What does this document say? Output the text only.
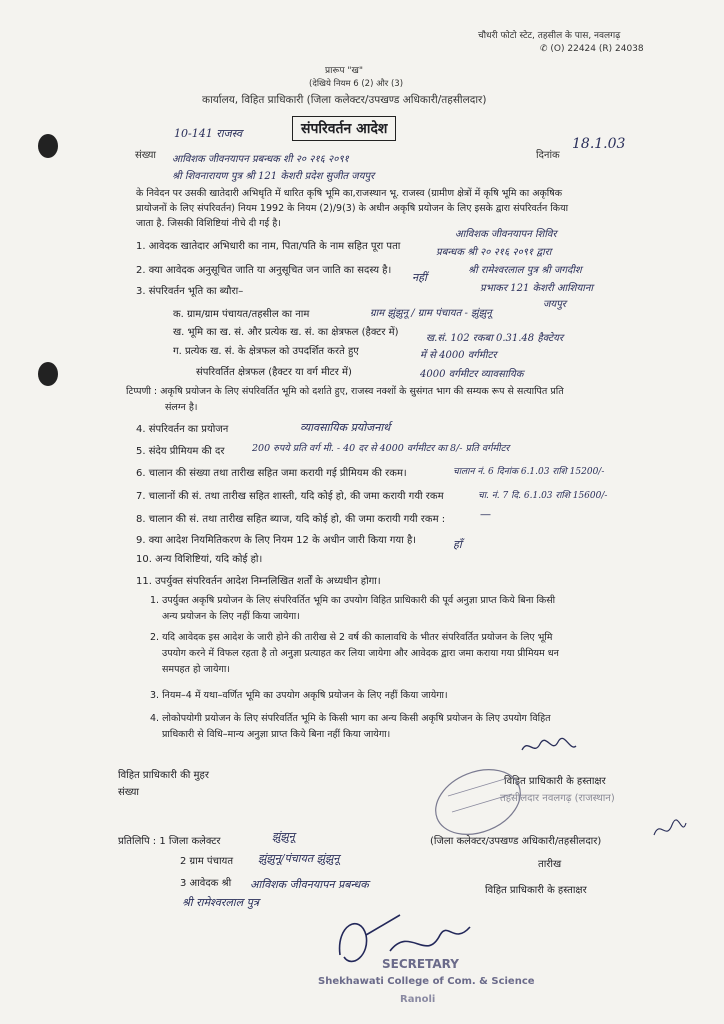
चौधरी फोटो स्टेट, तहसील के पास, नवलगढ़
✆ (O) 22424 (R) 24038
प्रारूप "ख"
(देखिये नियम 6 (2) और (3)
कार्यालय, विहित प्राधिकारी (जिला कलेक्टर/उपखण्ड अधिकारी/तहसीलदार)
10-141 राजस्व	संपरिवर्तन आदेश
संख्या आविशक जीवनयापन प्रबन्धक शी २० २१६ २०९१	दिनांक
18.1.03
श्री शिवनारायण पुत्र श्री 121 केशरी प्रदेश सुजीत जयपुर
के निवेदन पर उसकी खातेदारी अभिधृति में धारित कृषि भूमि का,राजस्थान भू. राजस्व (ग्रामीण क्षेत्रों में कृषि भूमि का अकृषिक
प्रायोजनों के लिए संपरिवर्तन) नियम 1992 के नियम (2)/9(3) के अधीन अकृषि प्रयोजन के लिए इसके द्वारा संपरिवर्तन किया
जाता है. जिसकी विशिष्टियां नीचे दी गई है।
1. आवेदक खातेदार अभिधारी का नाम, पिता/पति के नाम सहित पूरा पता
आविशक जीवनयापन शिविर
प्रबन्धक श्री २० २१६ २०९१ द्वारा
श्री रामेश्वरलाल पुत्र श्री जगदीश
प्रभाकर 121 केशरी आशियाना
जयपुर
2. क्या आवेदक अनुसूचित जाति या अनुसूचित जन जाति का सदस्य है।
नहीं
3. संपरिवर्तन भूति का ब्यौरा–
क. ग्राम/ग्राम पंचायत/तहसील का नाम	ग्राम झुंझुनू / ग्राम पंचायत - झुंझुनू
ख. भूमि का ख. सं. और प्रत्येक ख. सं. का क्षेत्रफल (हैक्टर में)
ख.सं. 102 रकबा 0.31.48 हैक्टेयर
ग. प्रत्येक ख. सं. के क्षेत्रफल को उपदर्शित करते हुए	में से 4000 वर्गमीटर
संपरिवर्तित क्षेत्रफल (हैक्टर या वर्ग मीटर में)	4000 वर्गमीटर व्यावसायिक
टिप्पणी : अकृषि प्रयोजन के लिए संपरिवर्तित भूमि को दर्शाते हुए, राजस्व नक्शों के सुसंगत भाग की सम्यक रूप से सत्यापित प्रति
संलग्न है।
4. संपरिवर्तन का प्रयोजन	व्यावसायिक प्रयोजनार्थ
5. संदेय प्रीमियम की दर	200 रुपये प्रति वर्ग मी. - 40 दर से 4000 वर्गमीटर का 8/- प्रति वर्गमीटर
6. चालान की संख्या तथा तारीख सहित जमा करायी गई प्रीमियम की रकम।	चालान नं. 6 दिनांक 6.1.03 राशि 15200/-
7. चालानों की सं. तथा तारीख सहित शास्ती, यदि कोई हो, की जमा करायी गयी रकम	चा. नं. 7 दि. 6.1.03 राशि 15600/-
8. चालान की सं. तथा तारीख सहित ब्याज, यदि कोई हो, की जमा करायी गयी रकम :	—
9. क्या आदेश नियमितिकरण के लिए नियम 12 के अधीन जारी किया गया है।	हाँ
10. अन्य विशिष्टियां, यदि कोई हो।
11. उपर्युक्त संपरिवर्तन आदेश निम्नलिखित शर्तों के अध्यधीन होगा।
1. उपर्युक्त अकृषि प्रयोजन के लिए संपरिवर्तित भूमि का उपयोग विहित प्राधिकारी की पूर्व अनुज्ञा प्राप्त किये बिना किसी
अन्य प्रयोजन के लिए नहीं किया जायेगा।
2. यदि आवेदक इस आदेश के जारी होने की तारीख से 2 वर्ष की कालावधि के भीतर संपरिवर्तित प्रयोजन के लिए भूमि
उपयोग करने में विफल रहता है तो अनुज्ञा प्रत्याहत कर लिया जायेगा और आवेदक द्वारा जमा कराया गया प्रीमियम धन
समपहत हो जायेगा।
3. नियम–4 में यथा–वर्णित भूमि का उपयोग अकृषि प्रयोजन के लिए नहीं किया जायेगा।
4. लोकोपयोगी प्रयोजन के लिए संपरिवर्तित भूमि के किसी भाग का अन्य किसी अकृषि प्रयोजन के लिए उपयोग विहित
प्राधिकारी से विधि–मान्य अनुज्ञा प्राप्त किये बिना नहीं किया जायेगा।
विहित प्राधिकारी की मुहर
संख्या
विहित प्राधिकारी के हस्ताक्षर
तहसीलदार नवलगढ़ (राजस्थान)
(जिला कलेक्टर/उपखण्ड अधिकारी/तहसीलदार)
तारीख
विहित प्राधिकारी के हस्ताक्षर
प्रतिलिपि : 1 जिला कलेक्टर	झुंझुनू
2 ग्राम पंचायत झुंझुनू/पंचायत झुंझुनू
3 आवेदक श्री आविशक जीवनयापन प्रबन्धक
श्री रामेश्वरलाल पुत्र
SECRETARY
Shekhawati College of Com. & Science
Ranoli
